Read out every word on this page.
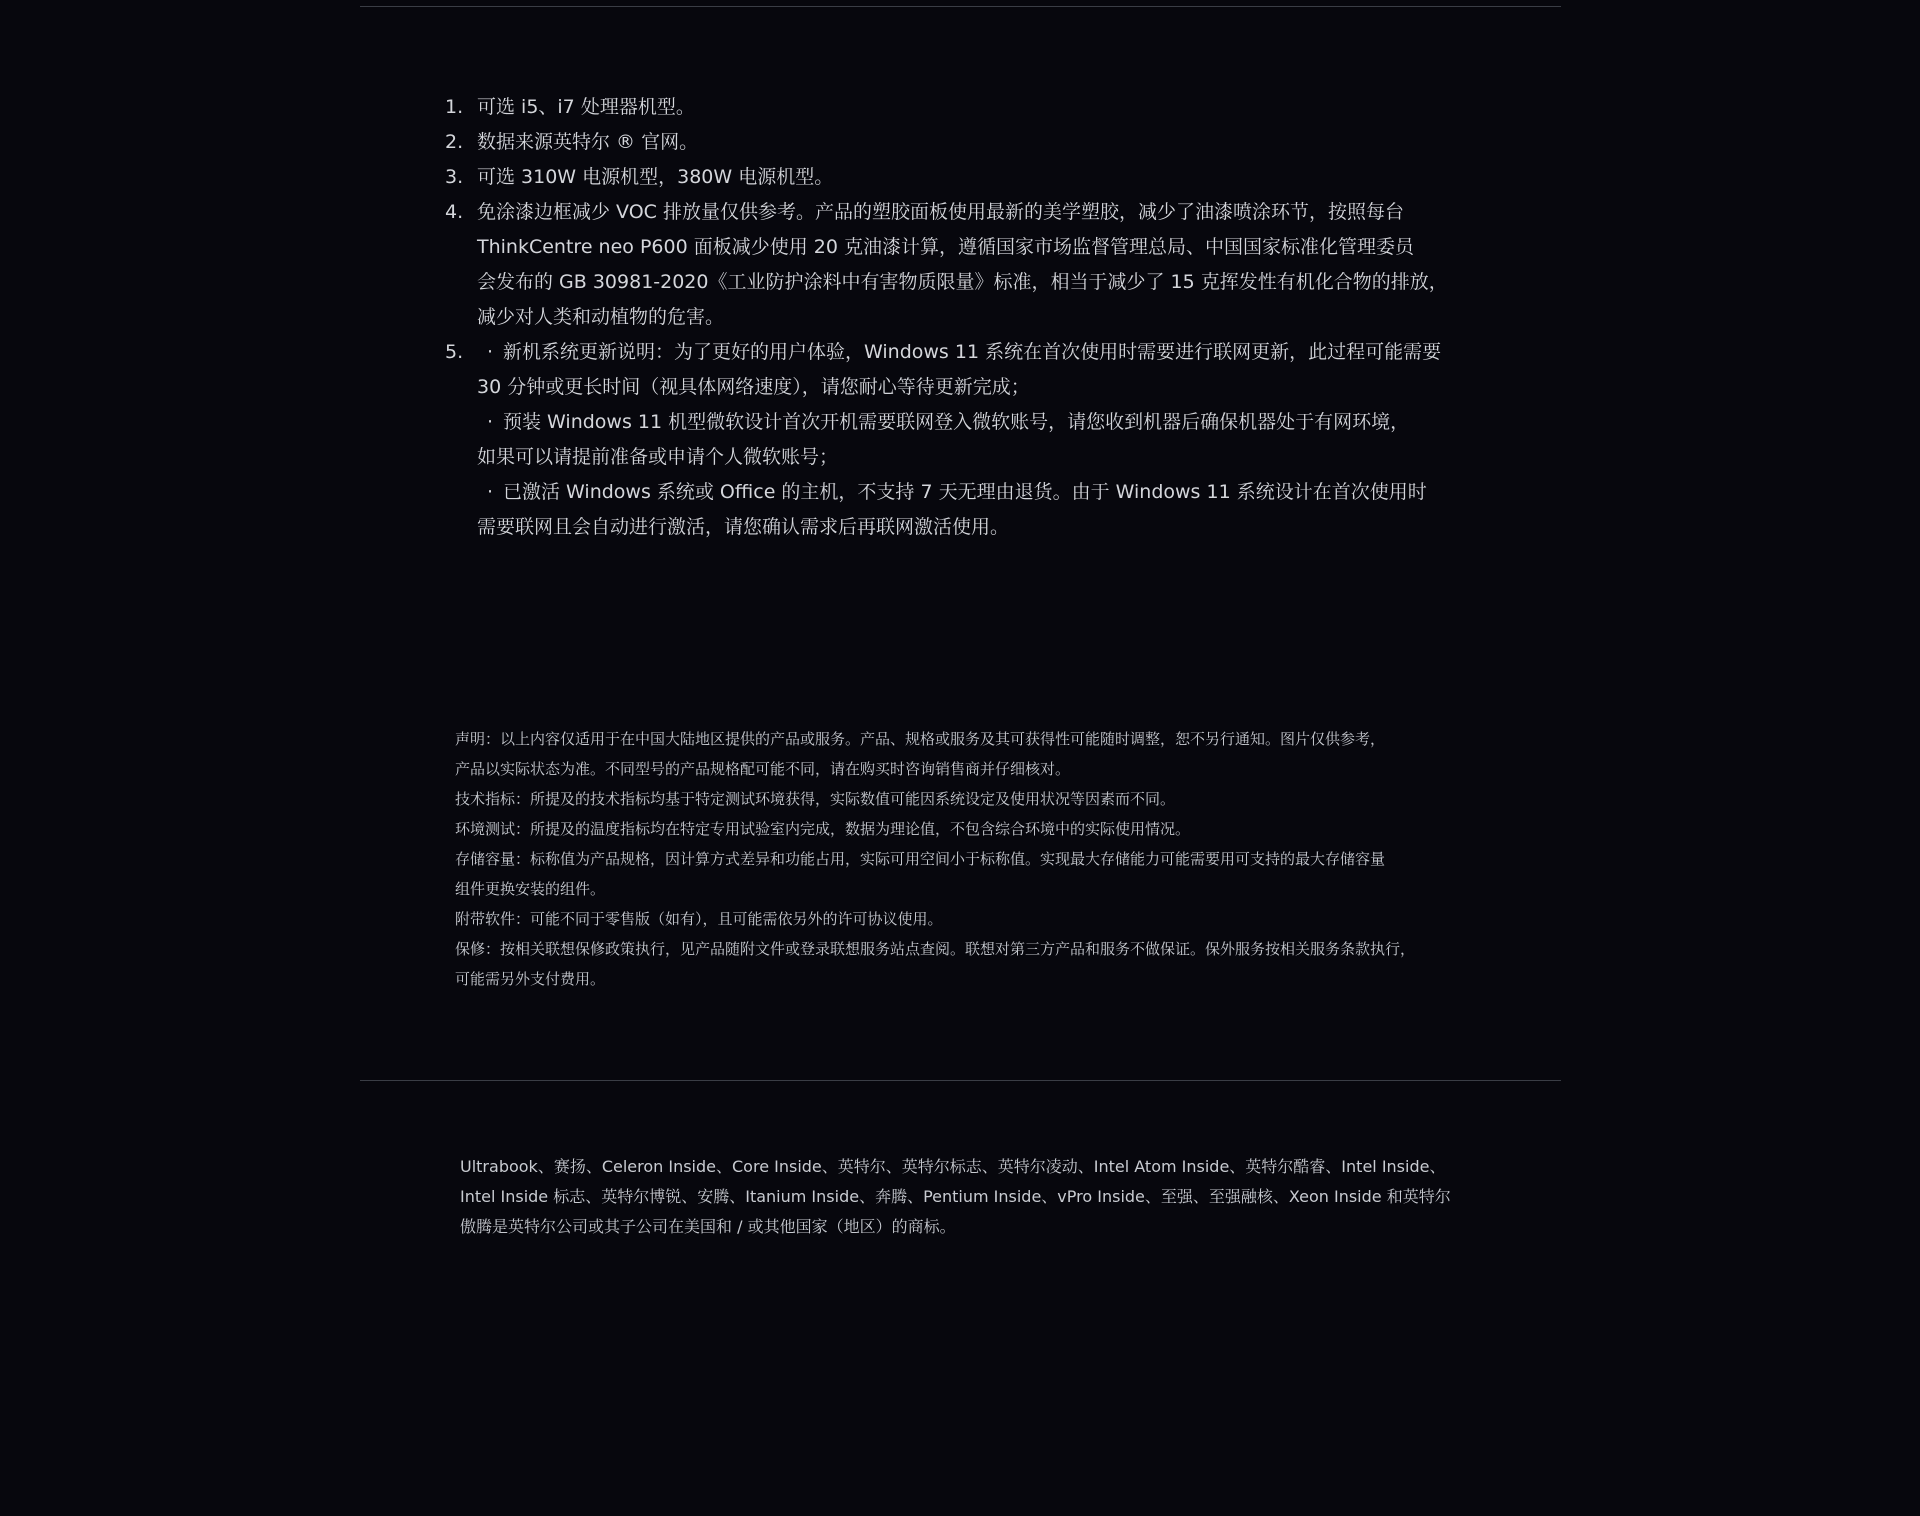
1. 可选 i5、i7 处理器机型。
2. 数据来源英特尔 ® 官网。
3. 可选 310W 电源机型，380W 电源机型。
4. 免涂漆边框减少 VOC 排放量仅供参考。产品的塑胶面板使用最新的美学塑胶，减少了油漆喷涂环节，按照每台
ThinkCentre neo P600 面板减少使用 20 克油漆计算，遵循国家市场监督管理总局、中国国家标准化管理委员
会发布的 GB 30981-2020《工业防护涂料中有害物质限量》标准，相当于减少了 15 克挥发性有机化合物的排放，
减少对人类和动植物的危害。
5.	· 新机系统更新说明：为了更好的用户体验，Windows 11 系统在首次使用时需要进行联网更新，此过程可能需要
30 分钟或更长时间（视具体网络速度），请您耐心等待更新完成；
· 预装 Windows 11 机型微软设计首次开机需要联网登入微软账号，请您收到机器后确保机器处于有网环境，
如果可以请提前准备或申请个人微软账号；
· 已激活 Windows 系统或 Office 的主机，不支持 7 天无理由退货。由于 Windows 11 系统设计在首次使用时
需要联网且会自动进行激活，请您确认需求后再联网激活使用。

声明：以上内容仅适用于在中国大陆地区提供的产品或服务。产品、规格或服务及其可获得性可能随时调整，恕不另行通知。图片仅供参考，

产品以实际状态为准。不同型号的产品规格配可能不同，请在购买时咨询销售商并仔细核对。

技术指标：所提及的技术指标均基于特定测试环境获得，实际数值可能因系统设定及使用状况等因素而不同。

环境测试：所提及的温度指标均在特定专用试验室内完成，数据为理论值，不包含综合环境中的实际使用情况。

存储容量：标称值为产品规格，因计算方式差异和功能占用，实际可用空间小于标称值。实现最大存储能力可能需要用可支持的最大存储容量

组件更换安装的组件。

附带软件：可能不同于零售版（如有），且可能需依另外的许可协议使用。

保修：按相关联想保修政策执行，见产品随附文件或登录联想服务站点查阅。联想对第三方产品和服务不做保证。保外服务按相关服务条款执行，

可能需另外支付费用。

Ultrabook、赛扬、Celeron Inside、Core Inside、英特尔、英特尔标志、英特尔凌动、Intel Atom Inside、英特尔酷睿、Intel Inside、

Intel Inside 标志、英特尔博锐、安腾、Itanium Inside、奔腾、Pentium Inside、vPro Inside、至强、至强融核、Xeon Inside 和英特尔

傲腾是英特尔公司或其子公司在美国和 / 或其他国家（地区）的商标。
